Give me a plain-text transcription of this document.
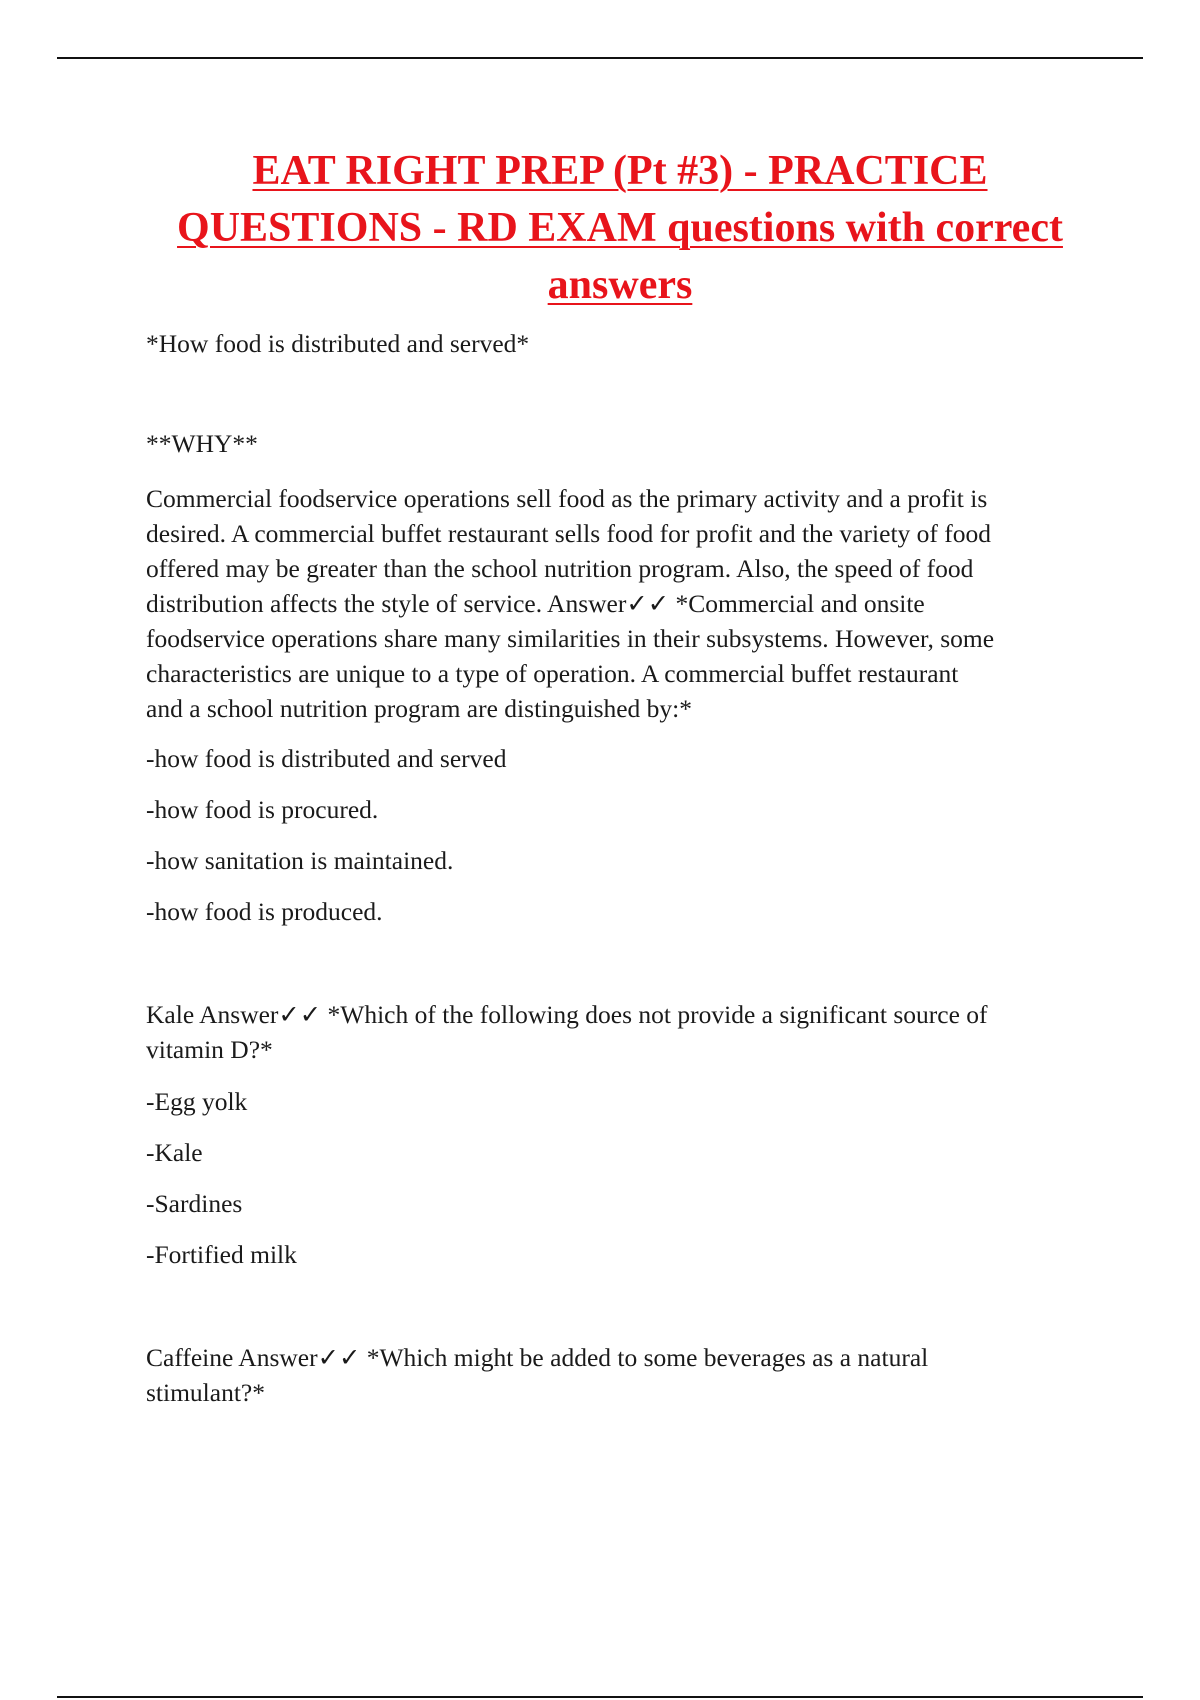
EAT RIGHT PREP (Pt #3) - PRACTICE
QUESTIONS - RD EXAM questions with correct
answers

*How food is distributed and served*

**WHY**

Commercial foodservice operations sell food as the primary activity and a profit is
desired. A commercial buffet restaurant sells food for profit and the variety of food
offered may be greater than the school nutrition program. Also, the speed of food
distribution affects the style of service. Answer✓✓ *Commercial and onsite
foodservice operations share many similarities in their subsystems. However, some
characteristics are unique to a type of operation. A commercial buffet restaurant
and a school nutrition program are distinguished by:*

-how food is distributed and served

-how food is procured.

-how sanitation is maintained.

-how food is produced.

Kale Answer✓✓ *Which of the following does not provide a significant source of
vitamin D?*

-Egg yolk

-Kale

-Sardines

-Fortified milk

Caffeine Answer✓✓ *Which might be added to some beverages as a natural
stimulant?*
